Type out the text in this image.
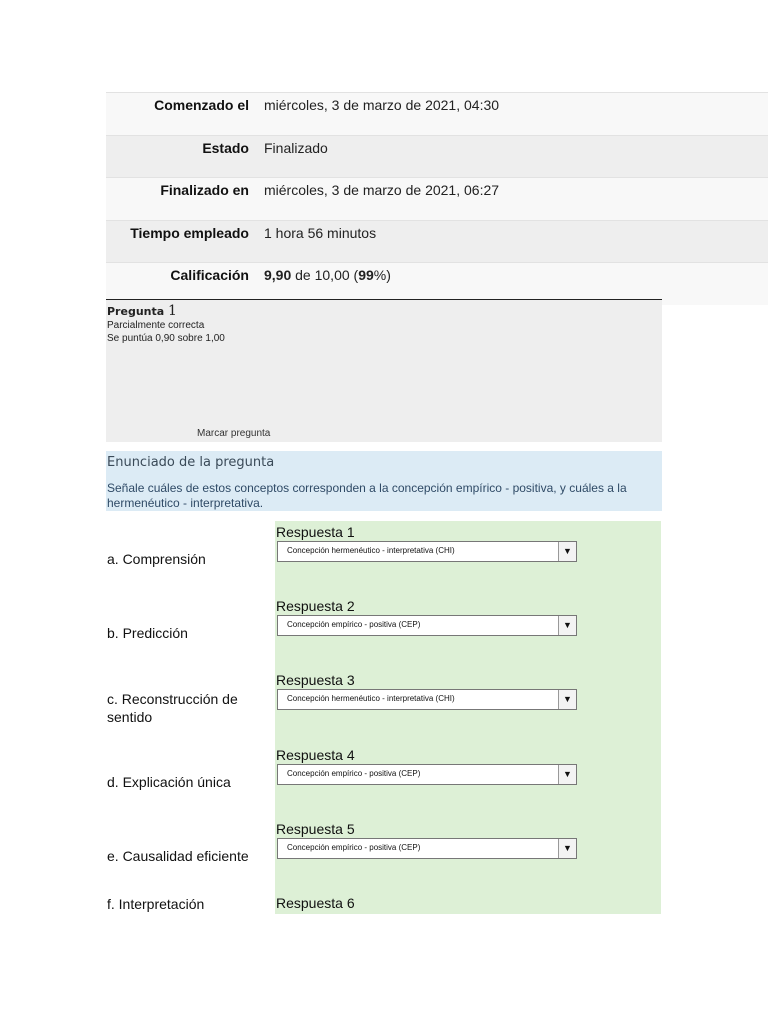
Comenzado el	miércoles, 3 de marzo de 2021, 04:30
Estado	Finalizado
Finalizado en	miércoles, 3 de marzo de 2021, 06:27
Tiempo empleado	1 hora 56 minutos
Calificación	9,90 de 10,00 (99%)
Pregunta 1
Parcialmente correcta
Se puntúa 0,90 sobre 1,00
Marcar pregunta
Enunciado de la pregunta
Señale cuáles de estos conceptos corresponden a la concepción empírico - positiva, y cuáles a la hermenéutico - interpretativa.
a. Comprensión
Respuesta 1
Concepción hermenéutico - interpretativa (CHI)	▼
b. Predicción
Respuesta 2
Concepción empírico - positiva (CEP)	▼
c. Reconstrucción de sentido
Respuesta 3
Concepción hermenéutico - interpretativa (CHI)	▼
d. Explicación única
Respuesta 4
Concepción empírico - positiva (CEP)	▼
e. Causalidad eficiente
Respuesta 5
Concepción empírico - positiva (CEP)	▼
f. Interpretación	Respuesta 6
